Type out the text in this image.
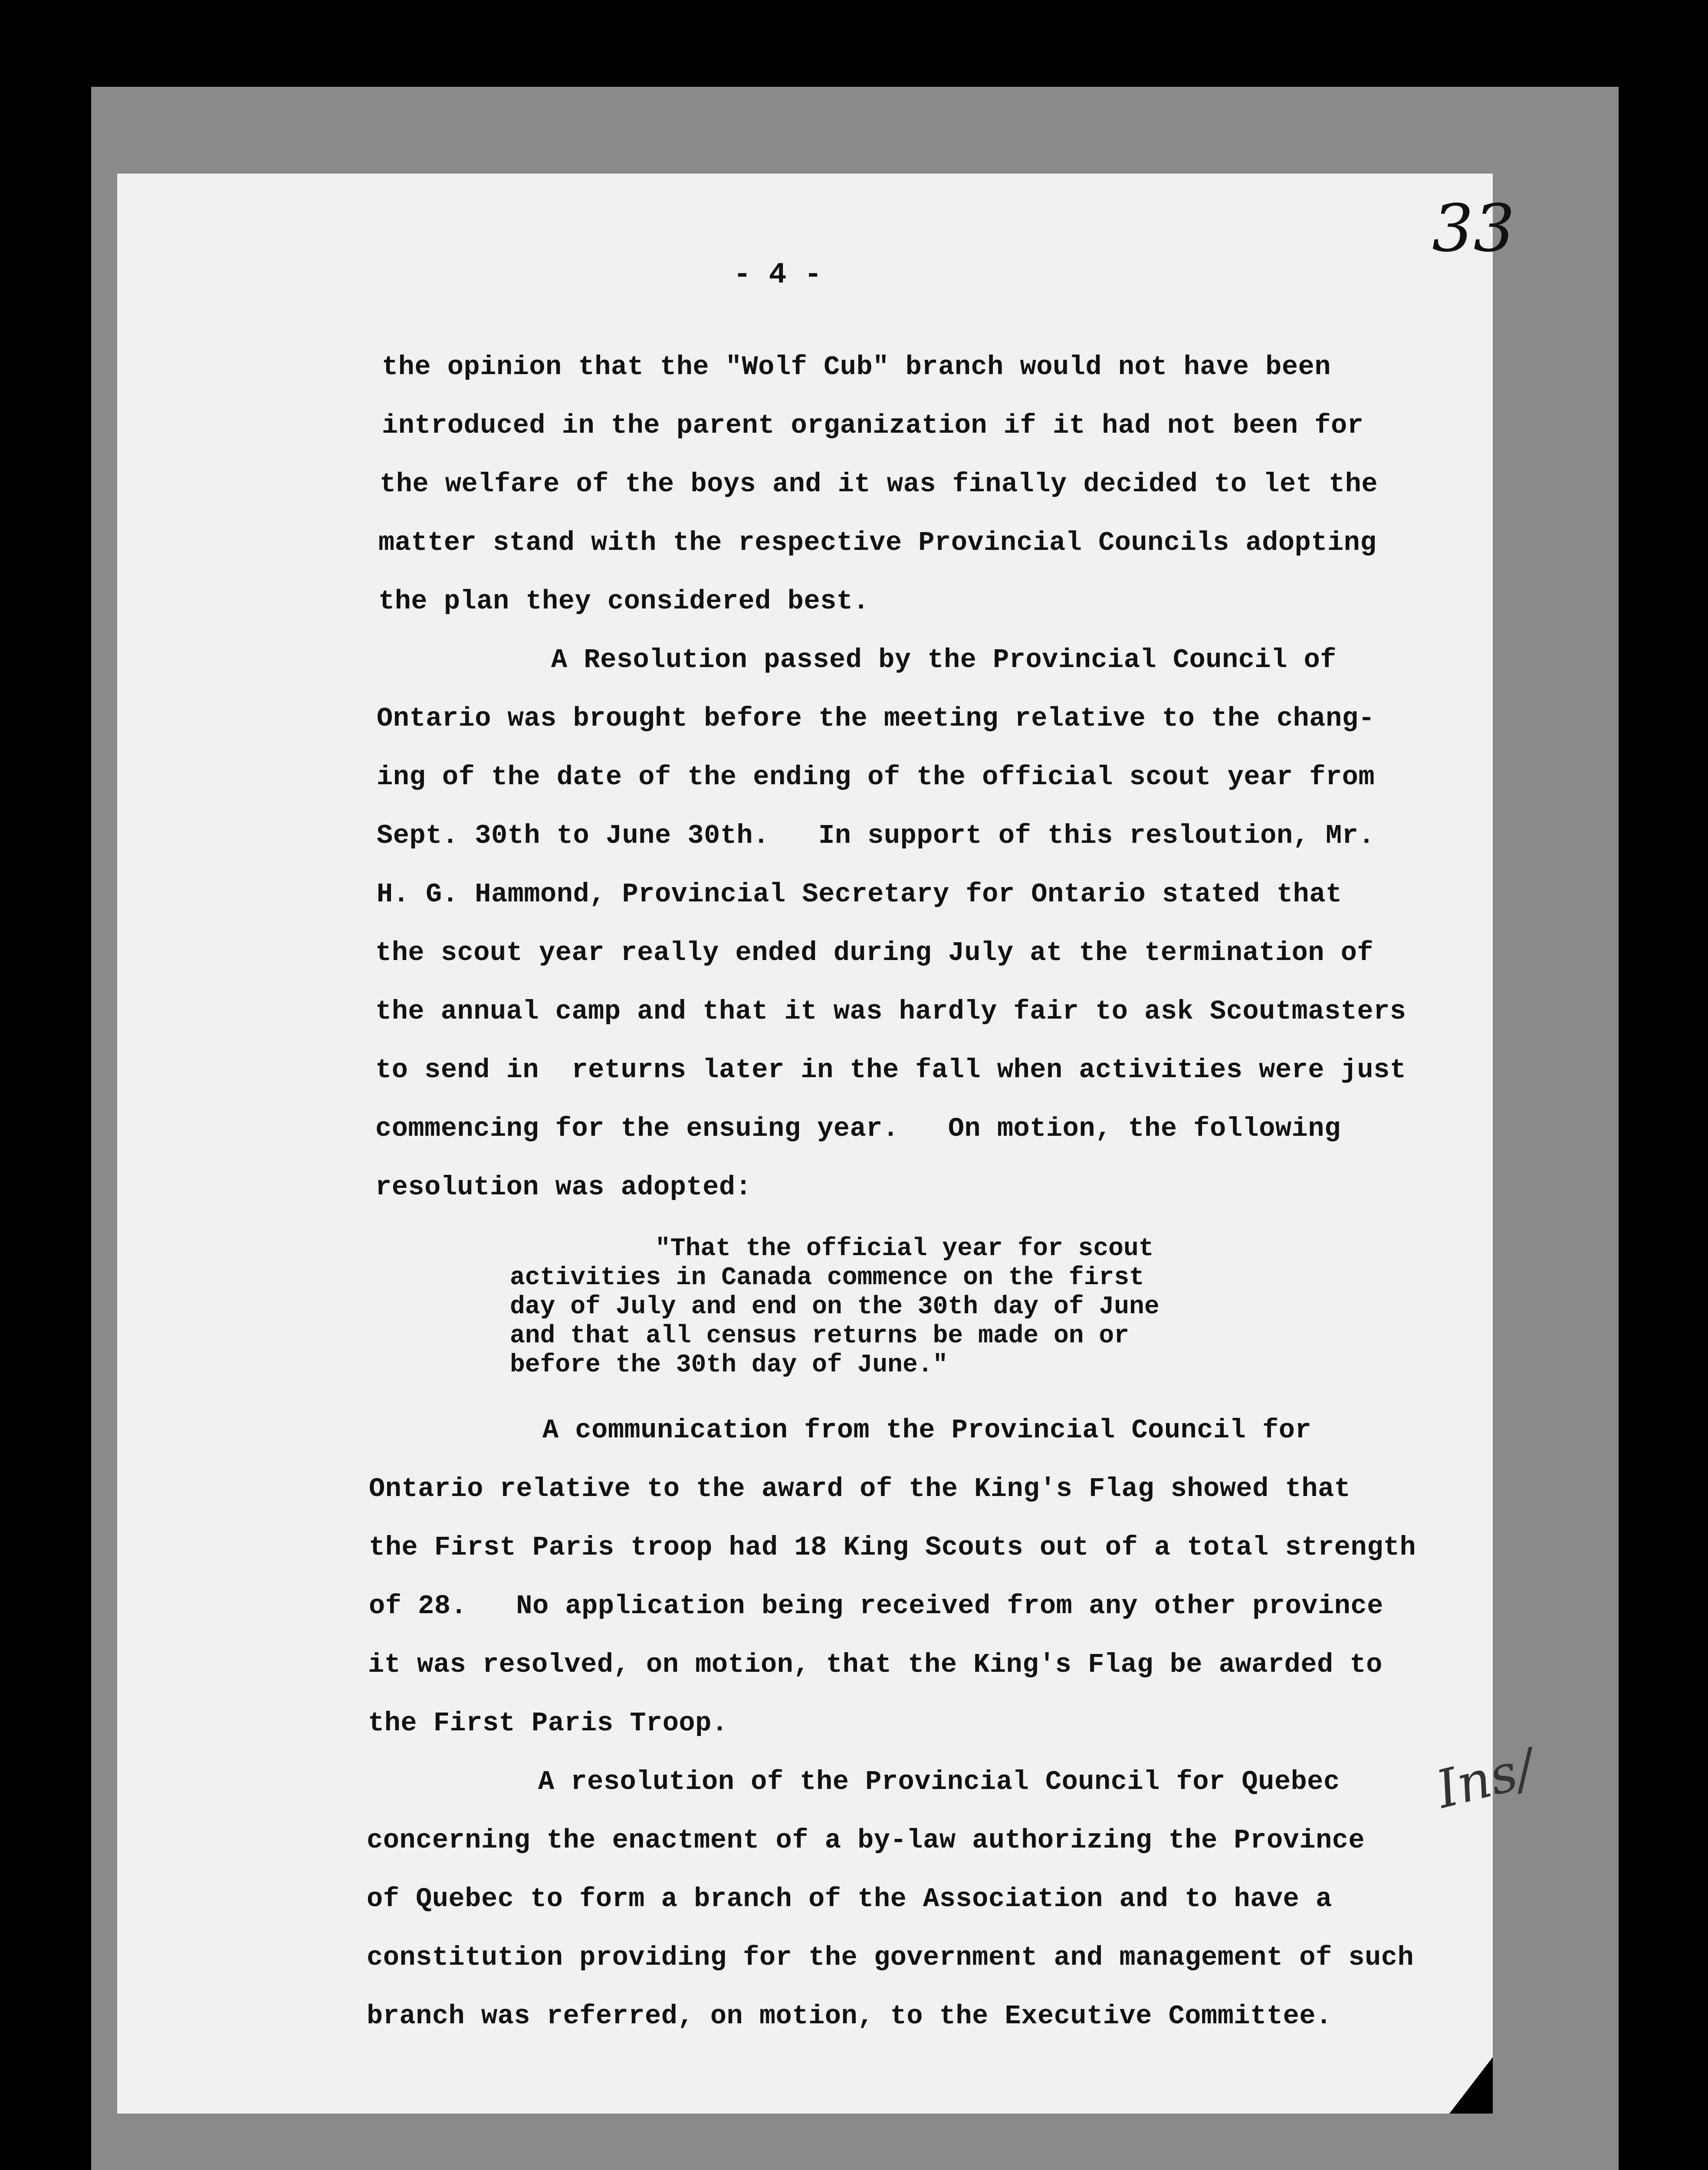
33
- 4 -
the opinion that the "Wolf Cub" branch would not have been
introduced in the parent organization if it had not been for
the welfare of the boys and it was finally decided to let the
matter stand with the respective Provincial Councils adopting
the plan they considered best.
A Resolution passed by the Provincial Council of
Ontario was brought before the meeting relative to the chang-
ing of the date of the ending of the official scout year from
Sept. 30th to June 30th.   In support of this resloution, Mr.
H. G. Hammond, Provincial Secretary for Ontario stated that
the scout year really ended during July at the termination of
the annual camp and that it was hardly fair to ask Scoutmasters
to send in  returns later in the fall when activities were just
commencing for the ensuing year.   On motion, the following
resolution was adopted:
"That the official year for scout
activities in Canada commence on the first
day of July and end on the 30th day of June
and that all census returns be made on or
before the 30th day of June."
A communication from the Provincial Council for
Ontario relative to the award of the King's Flag showed that
the First Paris troop had 18 King Scouts out of a total strength
of 28.   No application being received from any other province
it was resolved, on motion, that the King's Flag be awarded to
the First Paris Troop.
A resolution of the Provincial Council for Quebec
concerning the enactment of a by-law authorizing the Province
of Quebec to form a branch of the Association and to have a
constitution providing for the government and management of such
branch was referred, on motion, to the Executive Committee.
Ins/
